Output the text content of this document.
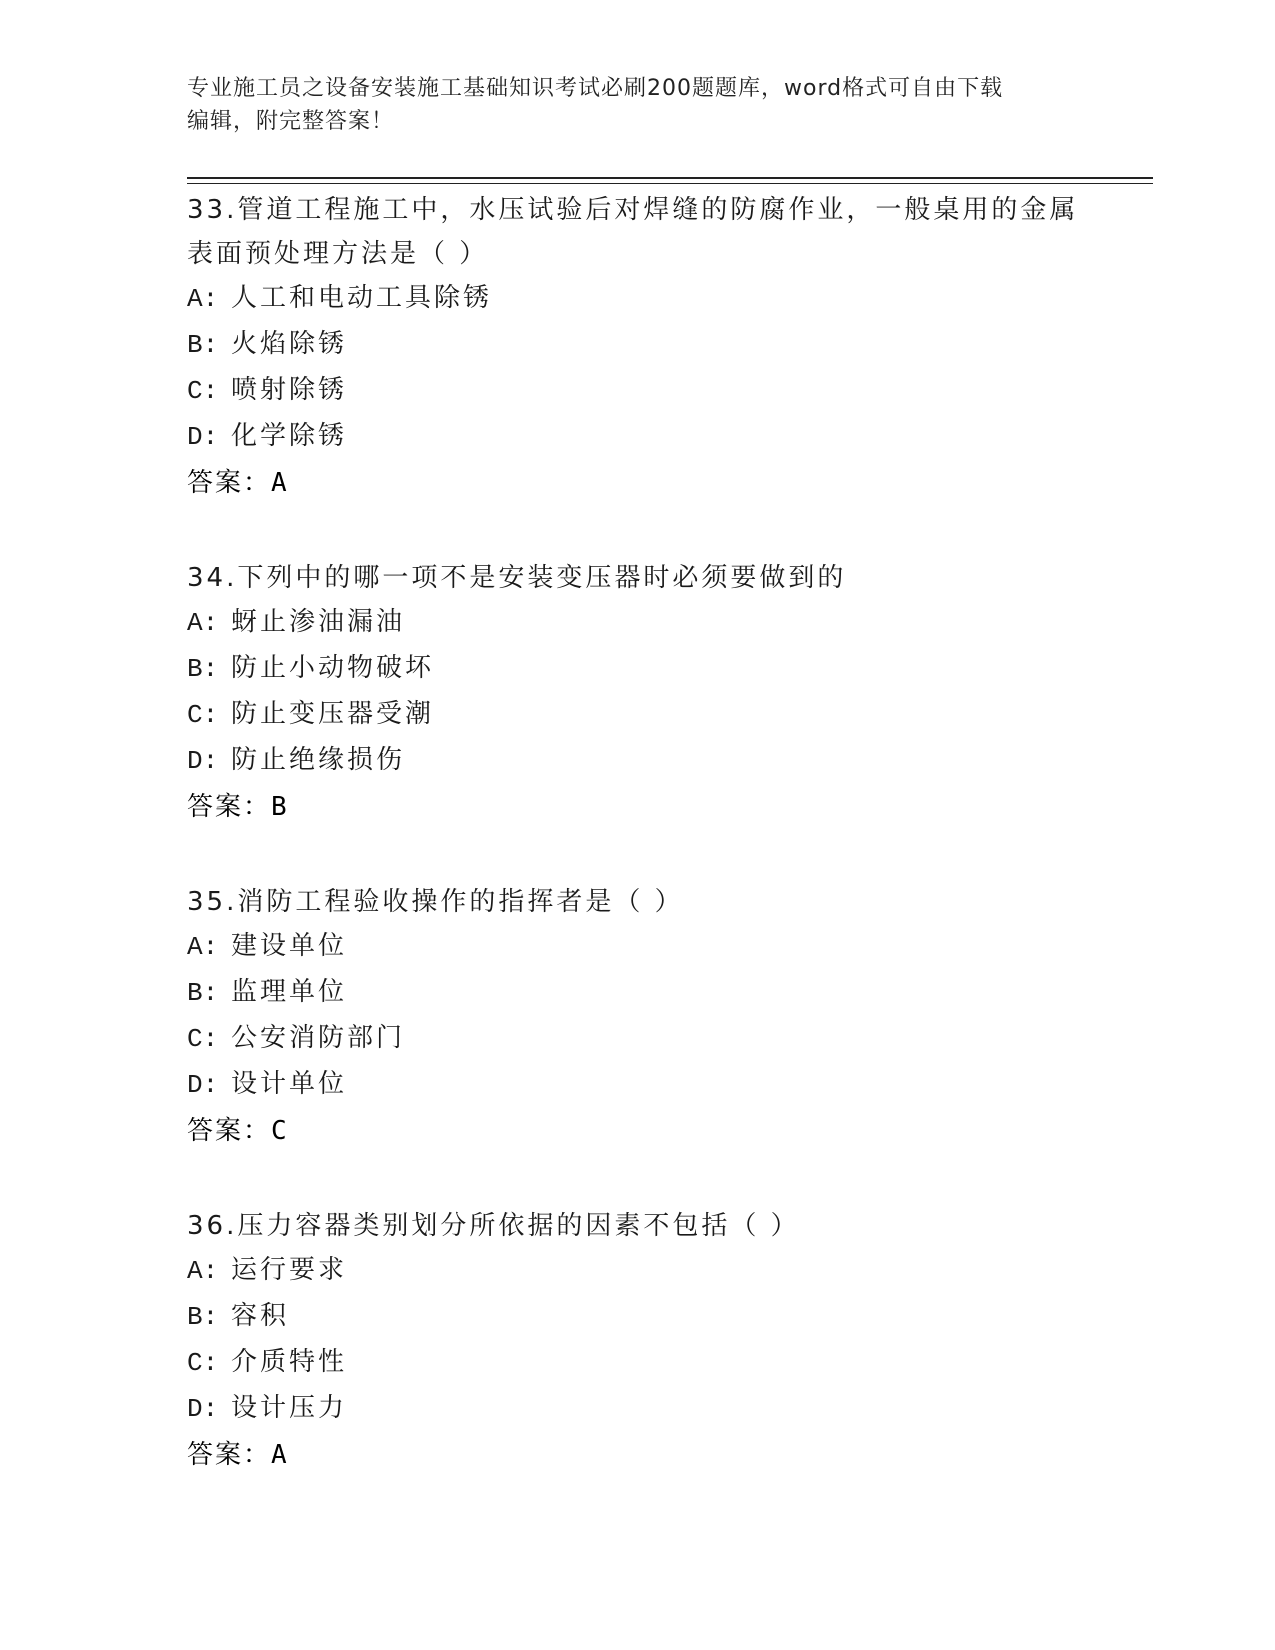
专业施工员之设备安装施工基础知识考试必刷200题题库，word格式可自由下载
编辑，附完整答案！
33.管道工程施工中，水压试验后对焊缝的防腐作业，一般桌用的金属
表面预处理方法是（ ）
A: 人工和电动工具除锈
B: 火焰除锈
C: 喷射除锈
D: 化学除锈
答案：A
34.下列中的哪一项不是安装变压器时必须要做到的
A: 蚜止渗油漏油
B: 防止小动物破坏
C: 防止变压器受潮
D: 防止绝缘损伤
答案：B
35.消防工程验收操作的指挥者是（ ）
A: 建设单位
B: 监理单位
C: 公安消防部门
D: 设计单位
答案：C
36.压力容器类别划分所依据的因素不包括（ ）
A: 运行要求
B: 容积
C: 介质特性
D: 设计压力
答案：A
